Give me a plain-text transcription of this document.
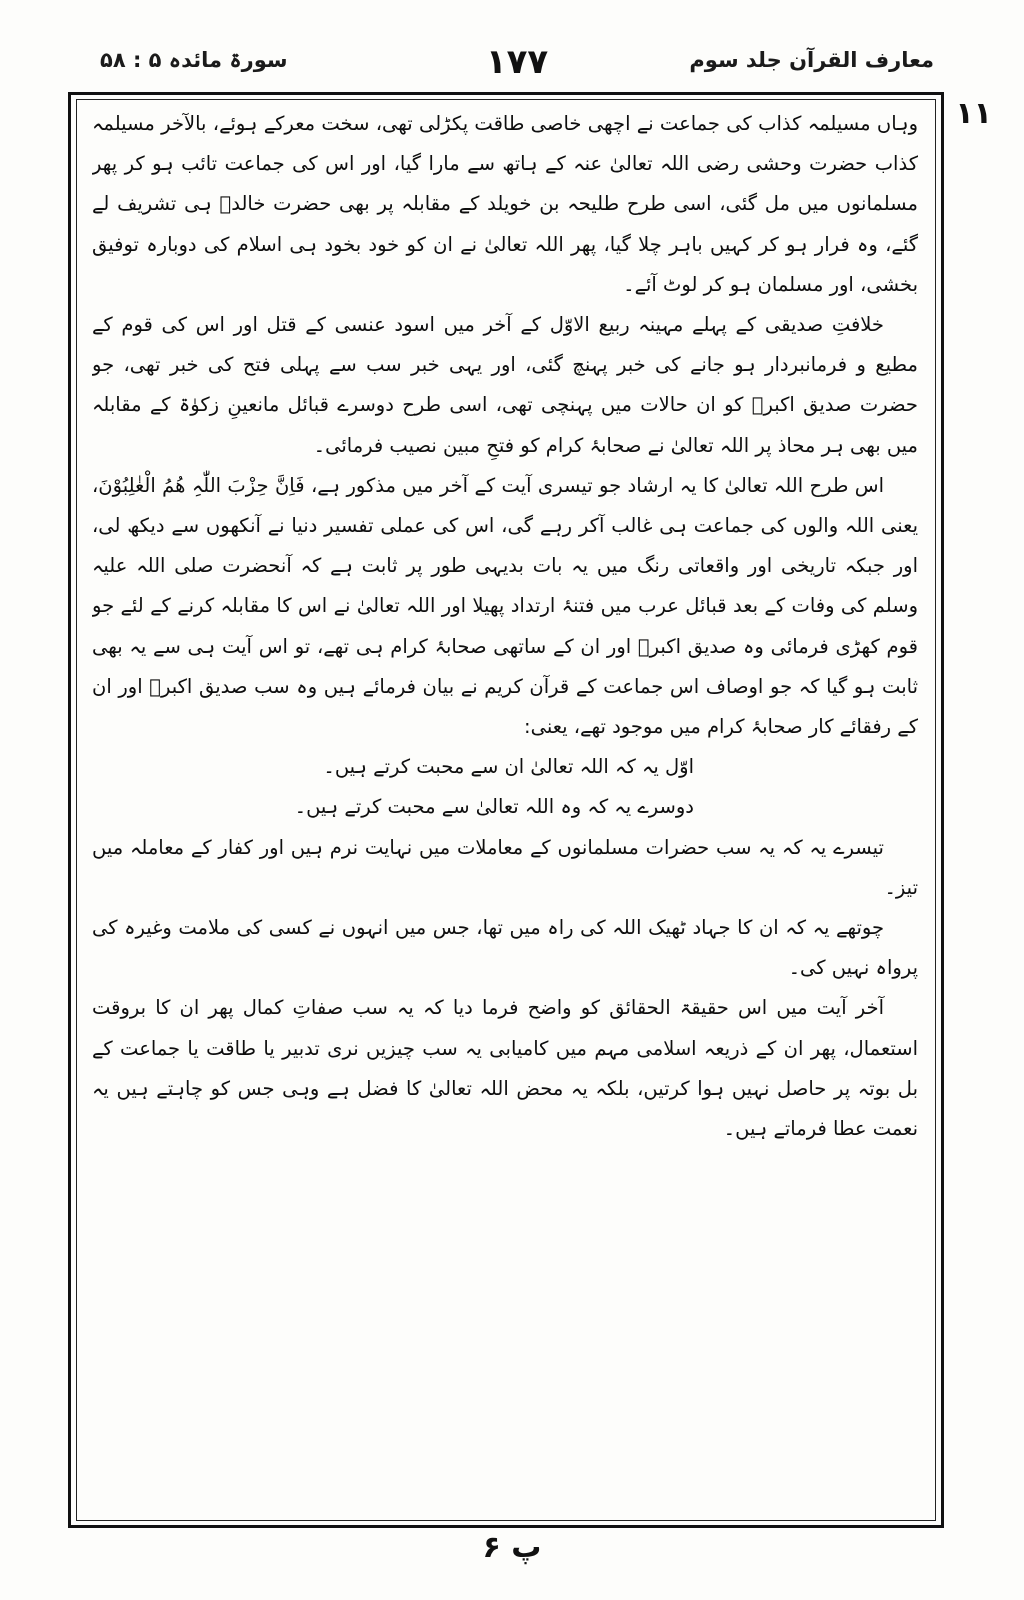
معارف القرآن جلد سوم
۱۷۷
سورۃ مائدہ ۵ : ۵۸
۱۱

وہاں مسیلمہ کذاب کی جماعت نے اچھی خاصی طاقت پکڑلی تھی، سخت معرکے ہوئے، بالآخر مسیلمہ کذاب حضرت وحشی رضی اللہ تعالیٰ عنہ کے ہاتھ سے مارا گیا، اور اس کی جماعت تائب ہو کر پھر مسلمانوں میں مل گئی، اسی طرح طلیحہ بن خویلد کے مقابلہ پر بھی حضرت خالدؓ ہی تشریف لے گئے، وہ فرار ہو کر کہیں باہر چلا گیا، پھر اللہ تعالیٰ نے ان کو خود بخود ہی اسلام کی دوبارہ توفیق بخشی، اور مسلمان ہو کر لوٹ آئے۔

خلافتِ صدیقی کے پہلے مہینہ ربیع الاوّل کے آخر میں اسود عنسی کے قتل اور اس کی قوم کے مطیع و فرمانبردار ہو جانے کی خبر پہنچ گئی، اور یہی خبر سب سے پہلی فتح کی خبر تھی، جو حضرت صدیق اکبرؓ کو ان حالات میں پہنچی تھی، اسی طرح دوسرے قبائل مانعینِ زکوٰۃ کے مقابلہ میں بھی ہر محاذ پر اللہ تعالیٰ نے صحابۂ کرام کو فتحِ مبین نصیب فرمائی۔

اس طرح اللہ تعالیٰ کا یہ ارشاد جو تیسری آیت کے آخر میں مذکور ہے، فَاِنَّ حِزْبَ اللّٰہِ ھُمُ الْغٰلِبُوْنَ، یعنی اللہ والوں کی جماعت ہی غالب آکر رہے گی، اس کی عملی تفسیر دنیا نے آنکھوں سے دیکھ لی، اور جبکہ تاریخی اور واقعاتی رنگ میں یہ بات بدیہی طور پر ثابت ہے کہ آنحضرت صلی اللہ علیہ وسلم کی وفات کے بعد قبائل عرب میں فتنۂ ارتداد پھیلا اور اللہ تعالیٰ نے اس کا مقابلہ کرنے کے لئے جو قوم کھڑی فرمائی وہ صدیق اکبرؓ اور ان کے ساتھی صحابۂ کرام ہی تھے، تو اس آیت ہی سے یہ بھی ثابت ہو گیا کہ جو اوصاف اس جماعت کے قرآن کریم نے بیان فرمائے ہیں وہ سب صدیق اکبرؓ اور ان کے رفقائے کار صحابۂ کرام میں موجود تھے، یعنی:

اوّل یہ کہ اللہ تعالیٰ ان سے محبت کرتے ہیں۔

دوسرے یہ کہ وہ اللہ تعالیٰ سے محبت کرتے ہیں۔

تیسرے یہ کہ یہ سب حضرات مسلمانوں کے معاملات میں نہایت نرم ہیں اور کفار کے معاملہ میں تیز۔

چوتھے یہ کہ ان کا جہاد ٹھیک اللہ کی راہ میں تھا، جس میں انہوں نے کسی کی ملامت وغیرہ کی پرواہ نہیں کی۔

آخر آیت میں اس حقیقۃ الحقائق کو واضح فرما دیا کہ یہ سب صفاتِ کمال پھر ان کا بروقت استعمال، پھر ان کے ذریعہ اسلامی مہم میں کامیابی یہ سب چیزیں نری تدبیر یا طاقت یا جماعت کے بل بوتہ پر حاصل نہیں ہوا کرتیں، بلکہ یہ محض اللہ تعالیٰ کا فضل ہے وہی جس کو چاہتے ہیں یہ نعمت عطا فرماتے ہیں۔

پ ۶
